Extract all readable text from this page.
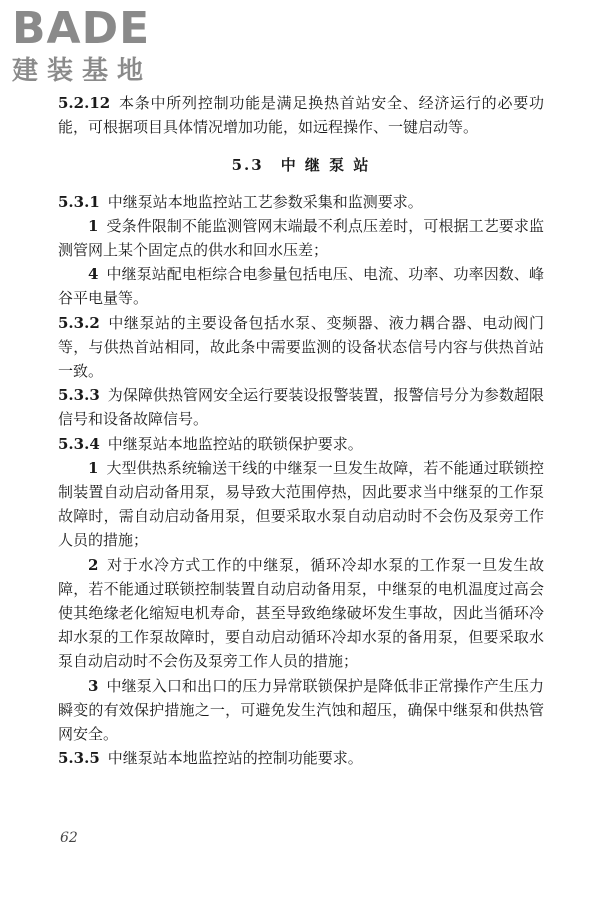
BADE
建装基地

5.2.12 本条中所列控制功能是满足换热首站安全、经济运行的必要功能，可根据项目具体情况增加功能，如远程操作、一键启动等。

5.3　中 继 泵 站

5.3.1 中继泵站本地监控站工艺参数采集和监测要求。

1 受条件限制不能监测管网末端最不利点压差时，可根据工艺要求监测管网上某个固定点的供水和回水压差；

4 中继泵站配电柜综合电参量包括电压、电流、功率、功率因数、峰谷平电量等。

5.3.2 中继泵站的主要设备包括水泵、变频器、液力耦合器、电动阀门等，与供热首站相同，故此条中需要监测的设备状态信号内容与供热首站一致。

5.3.3 为保障供热管网安全运行要装设报警装置，报警信号分为参数超限信号和设备故障信号。

5.3.4 中继泵站本地监控站的联锁保护要求。

1 大型供热系统输送干线的中继泵一旦发生故障，若不能通过联锁控制装置自动启动备用泵，易导致大范围停热，因此要求当中继泵的工作泵故障时，需自动启动备用泵，但要采取水泵自动启动时不会伤及泵旁工作人员的措施；

2 对于水冷方式工作的中继泵，循环冷却水泵的工作泵一旦发生故障，若不能通过联锁控制装置自动启动备用泵，中继泵的电机温度过高会使其绝缘老化缩短电机寿命，甚至导致绝缘破坏发生事故，因此当循环冷却水泵的工作泵故障时，要自动启动循环冷却水泵的备用泵，但要采取水泵自动启动时不会伤及泵旁工作人员的措施；

3 中继泵入口和出口的压力异常联锁保护是降低非正常操作产生压力瞬变的有效保护措施之一，可避免发生汽蚀和超压，确保中继泵和供热管网安全。

5.3.5 中继泵站本地监控站的控制功能要求。

62
